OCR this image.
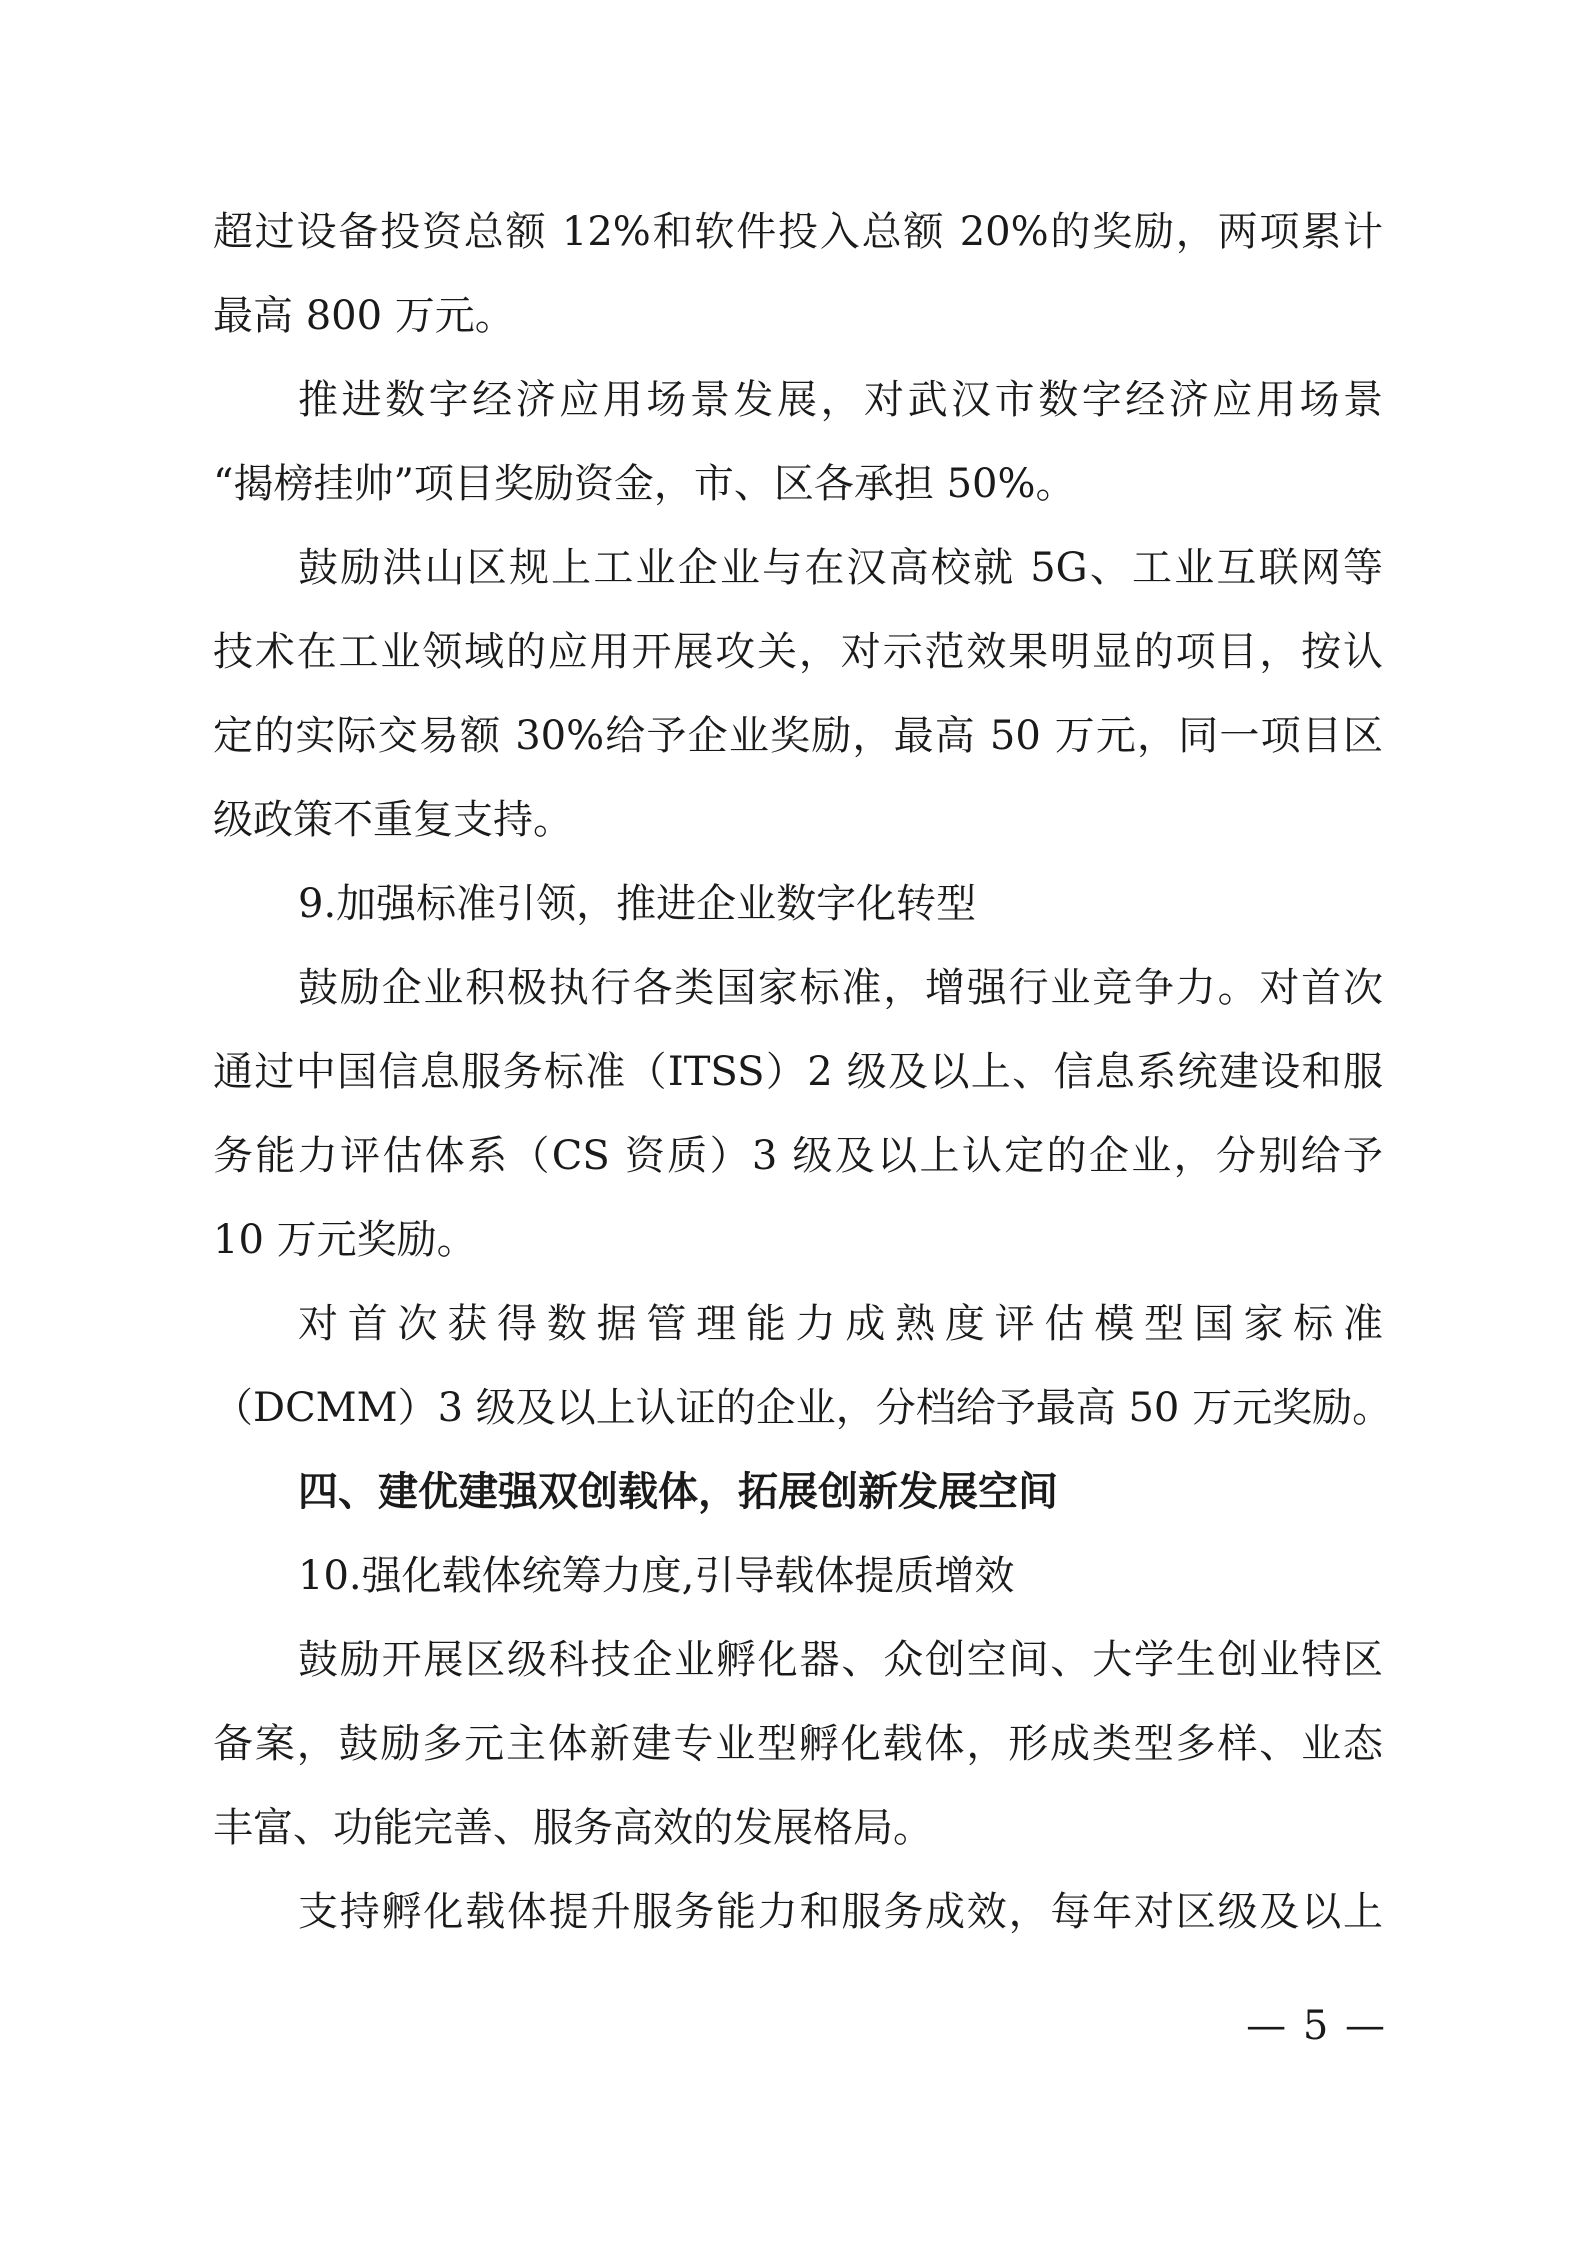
超过设备投资总额 12%和软件投入总额 20%的奖励，两项累计
最高 800 万元。
推进数字经济应用场景发展，对武汉市数字经济应用场景
“揭榜挂帅”项目奖励资金，市、区各承担 50%。
鼓励洪山区规上工业企业与在汉高校就 5G、工业互联网等
技术在工业领域的应用开展攻关，对示范效果明显的项目，按认
定的实际交易额 30%给予企业奖励，最高 50 万元，同一项目区
级政策不重复支持。
9.加强标准引领，推进企业数字化转型
鼓励企业积极执行各类国家标准，增强行业竞争力。对首次
通过中国信息服务标准（ITSS）2 级及以上、信息系统建设和服
务能力评估体系（CS 资质）3 级及以上认定的企业，分别给予
10 万元奖励。
对首次获得数据管理能力成熟度评估模型国家标准
（DCMM）3 级及以上认证的企业，分档给予最高 50 万元奖励。
四、建优建强双创载体，拓展创新发展空间
10.强化载体统筹力度,引导载体提质增效
鼓励开展区级科技企业孵化器、众创空间、大学生创业特区
备案，鼓励多元主体新建专业型孵化载体，形成类型多样、业态
丰富、功能完善、服务高效的发展格局。
支持孵化载体提升服务能力和服务成效，每年对区级及以上
— 5 —
